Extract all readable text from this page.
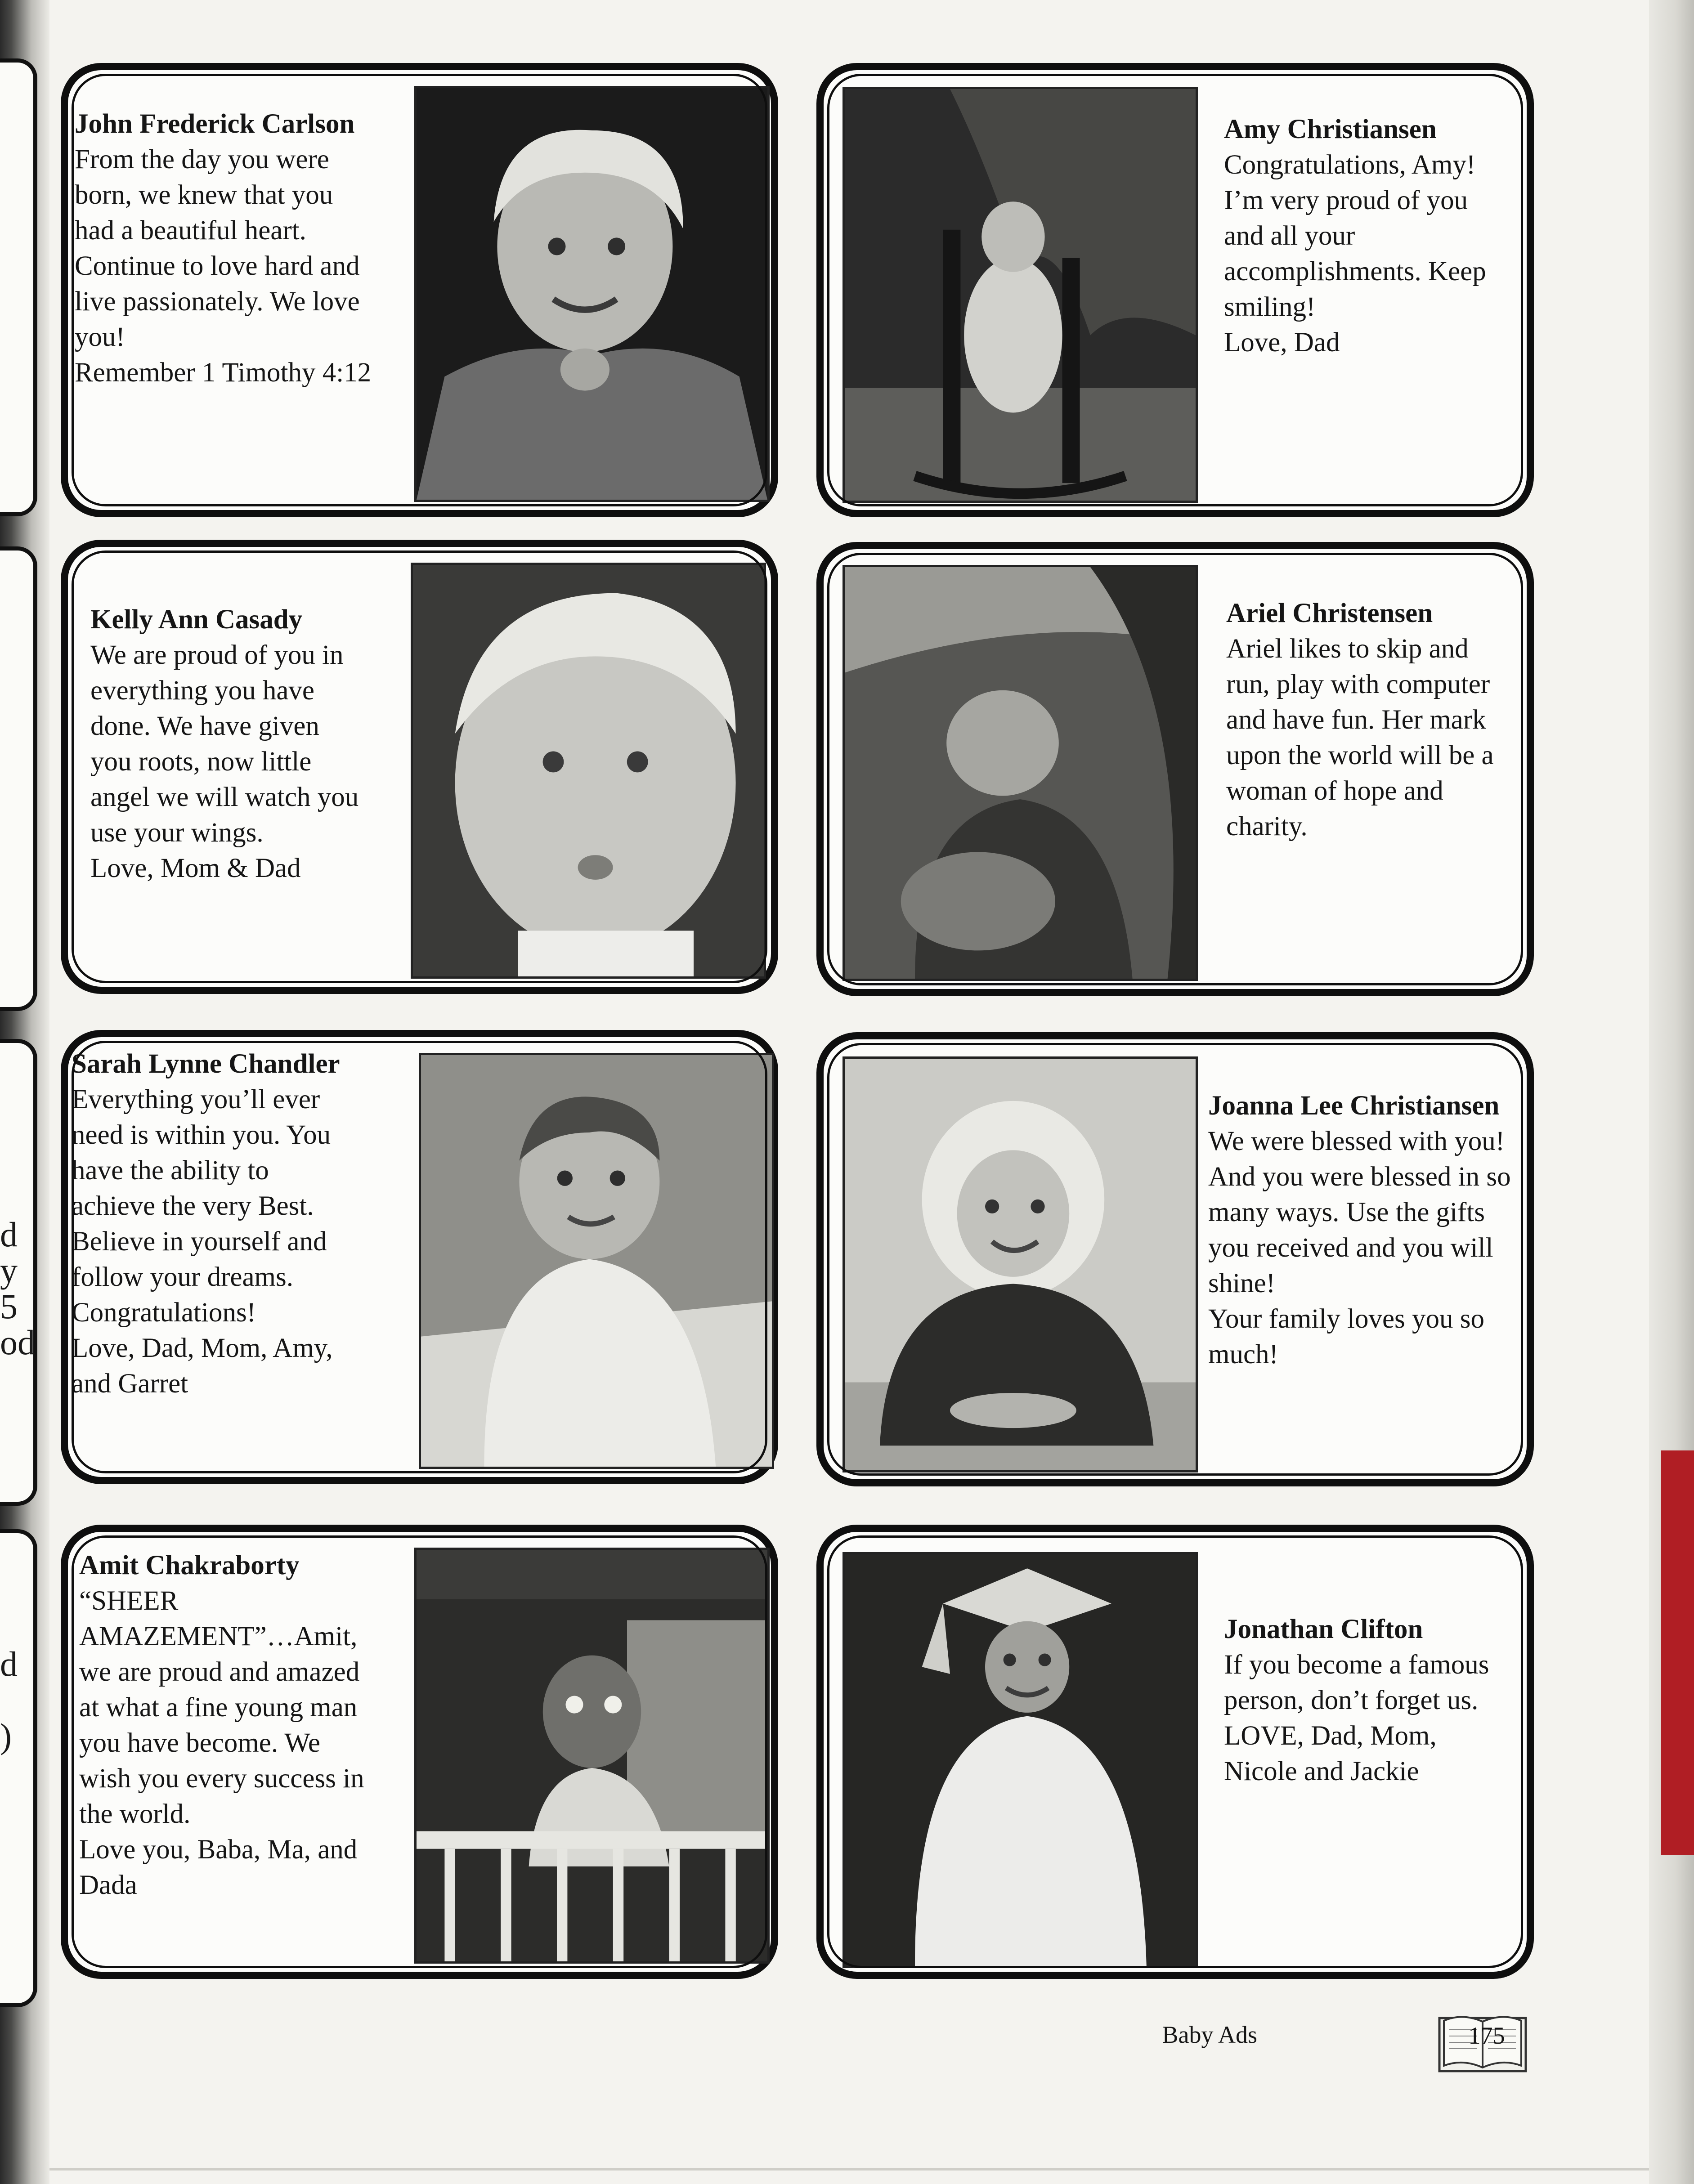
d
y
5
od
d
)
John Frederick Carlson
From the day you were
born, we knew that you
had a beautiful heart.
Continue to love hard and
live passionately. We love
you!
Remember 1 Timothy 4:12
Amy Christiansen
Congratulations, Amy!
I’m very proud of you
and all your
accomplishments. Keep
smiling!
Love, Dad
Kelly Ann Casady
We are proud of you in
everything you have
done. We have given
you roots, now little
angel we will watch you
use your wings.
Love, Mom & Dad
Ariel Christensen
Ariel likes to skip and
run, play with computer
and have fun. Her mark
upon the world will be a
woman of hope and
charity.
Sarah Lynne Chandler
Everything you’ll ever
need is within you. You
have the ability to
achieve the very Best.
Believe in yourself and
follow your dreams.
Congratulations!
Love, Dad, Mom, Amy,
and Garret
Joanna Lee Christiansen
We were blessed with you!
And you were blessed in so
many ways. Use the gifts
you received and you will
shine!
Your family loves you so
much!
Amit Chakraborty
“SHEER
AMAZEMENT”…Amit,
we are proud and amazed
at what a fine young man
you have become. We
wish you every success in
the world.
Love you, Baba, Ma, and
Dada
Jonathan Clifton
If you become a famous
person, don’t forget us.
LOVE, Dad, Mom,
Nicole and Jackie
Baby Ads	175
